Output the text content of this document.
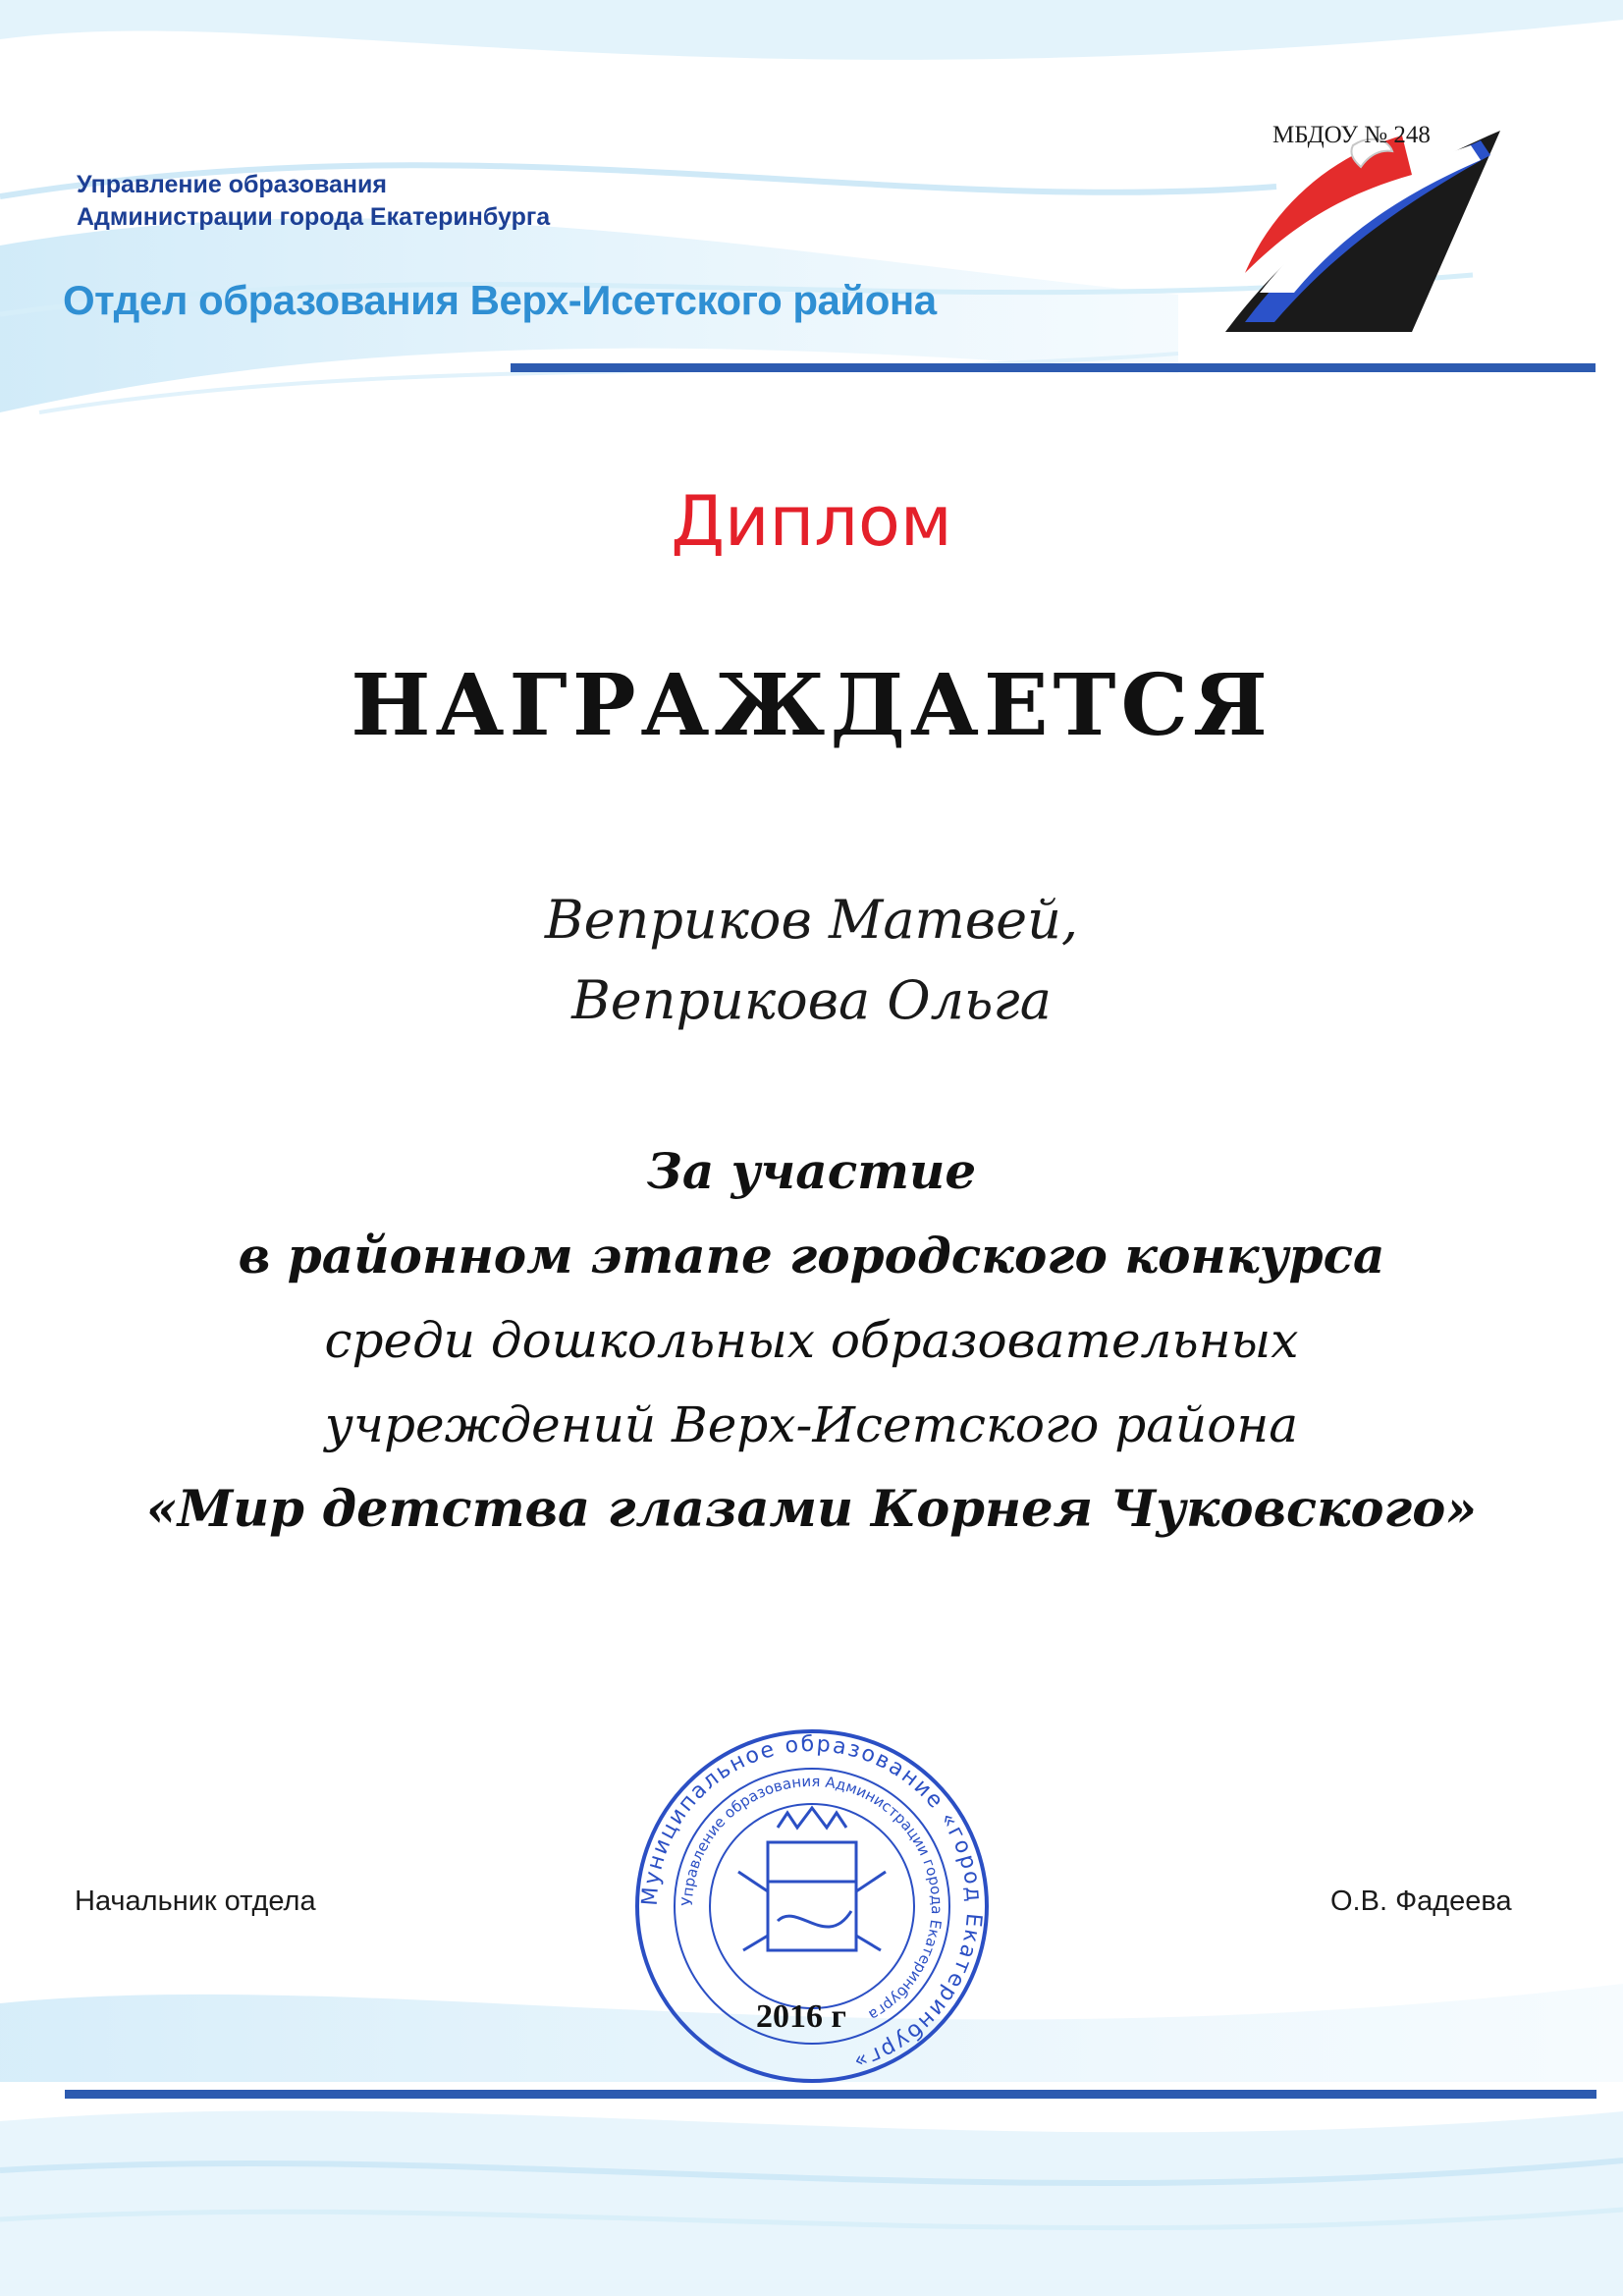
Управление образования
Администрации города Екатеринбурга
Отдел образования Верх-Исетского района
МБДОУ № 248
Диплом
НАГРАЖДАЕТСЯ
Веприков Матвей,
Веприкова Ольга
За участие
в районном этапе городского конкурса
среди дошкольных образовательных
учреждений Верх-Исетского района
«Мир детства глазами Корнея Чуковского»
Начальник отдела	О.В. Фадеева
Муниципальное образование «город Екатеринбург»
Управление образования Администрации города Екатеринбурга
2016 г
